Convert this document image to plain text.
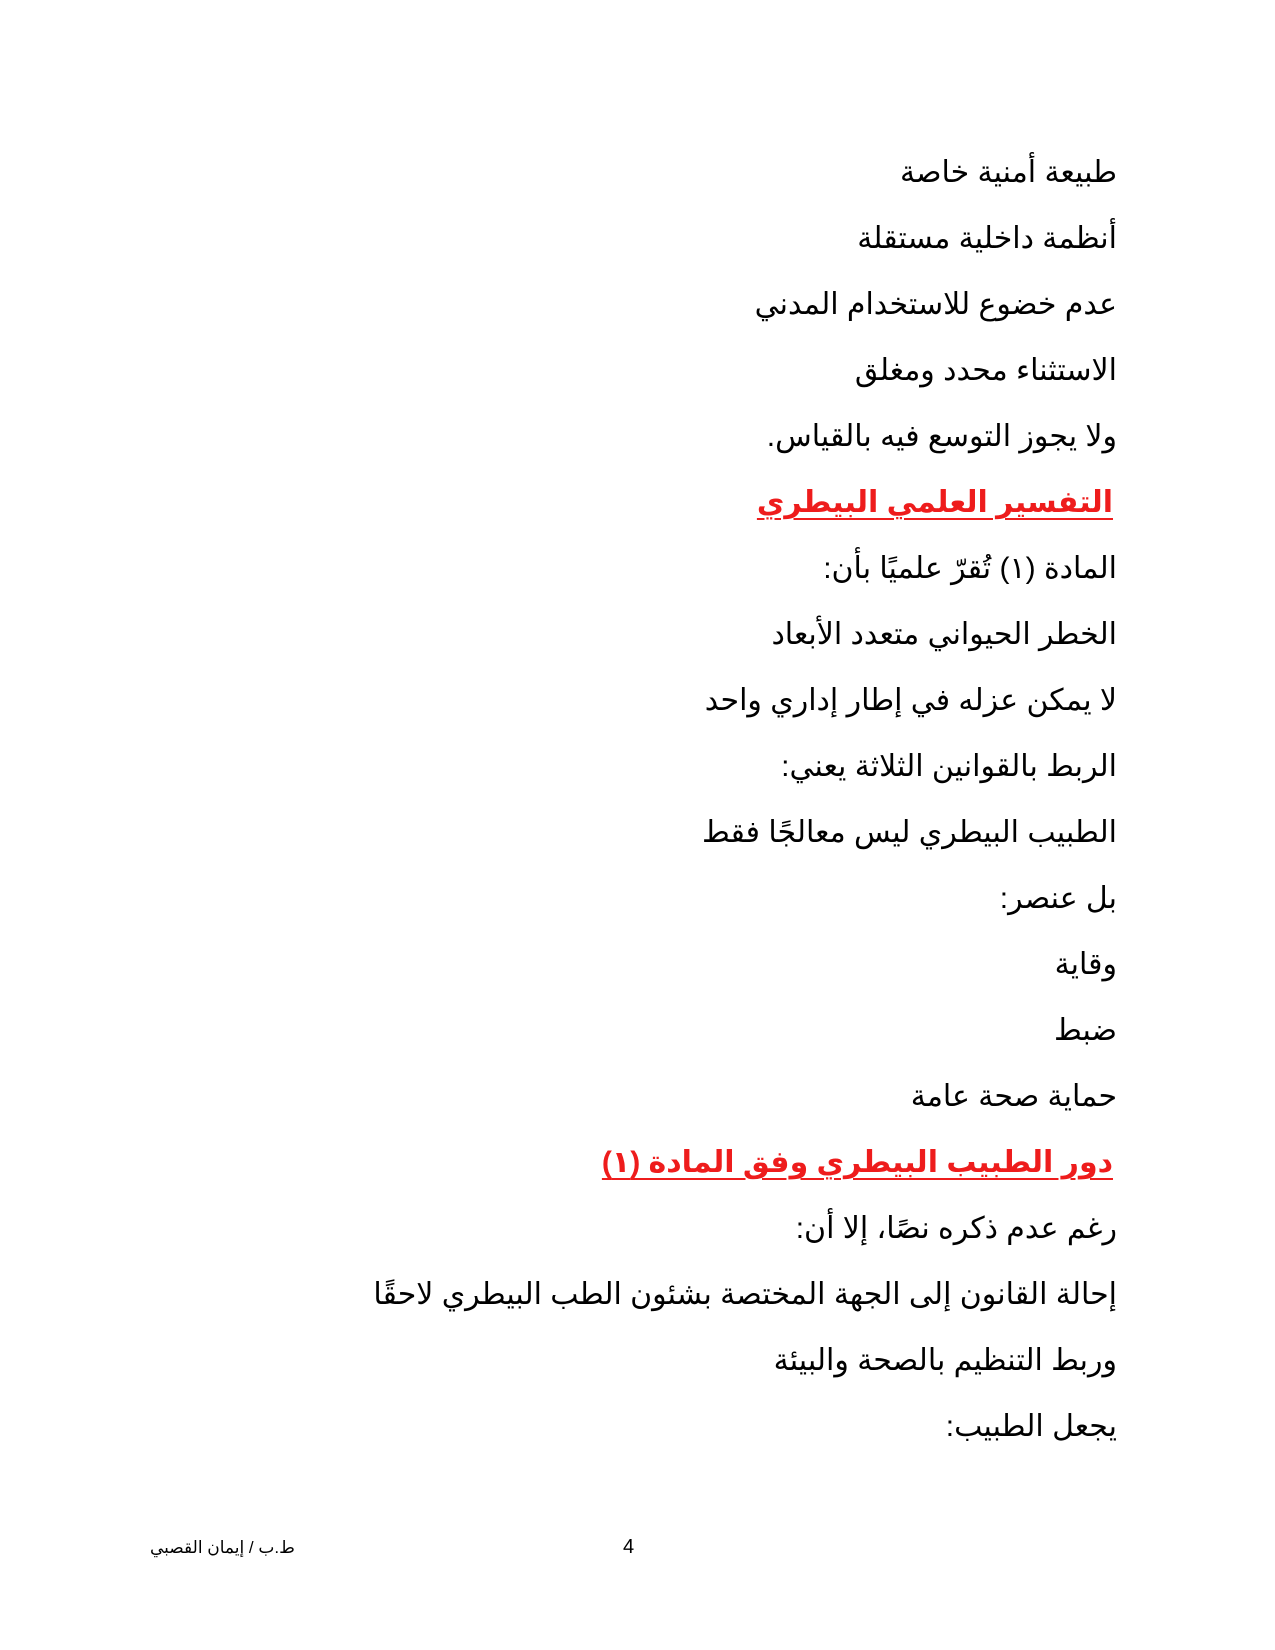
طبيعة أمنية خاصة
أنظمة داخلية مستقلة
عدم خضوع للاستخدام المدني
الاستثناء محدد ومغلق
ولا يجوز التوسع فيه بالقياس.
التفسير العلمي البيطري
المادة (١) تُقرّ علميًا بأن:
الخطر الحيواني متعدد الأبعاد
لا يمكن عزله في إطار إداري واحد
الربط بالقوانين الثلاثة يعني:
الطبيب البيطري ليس معالجًا فقط
بل عنصر:
وقاية
ضبط
حماية صحة عامة
دور الطبيب البيطري وفق المادة (١)
رغم عدم ذكره نصًا، إلا أن:
إحالة القانون إلى الجهة المختصة بشئون الطب البيطري لاحقًا
وربط التنظيم بالصحة والبيئة
يجعل الطبيب:
ط.ب / إيمان القصبي	4
